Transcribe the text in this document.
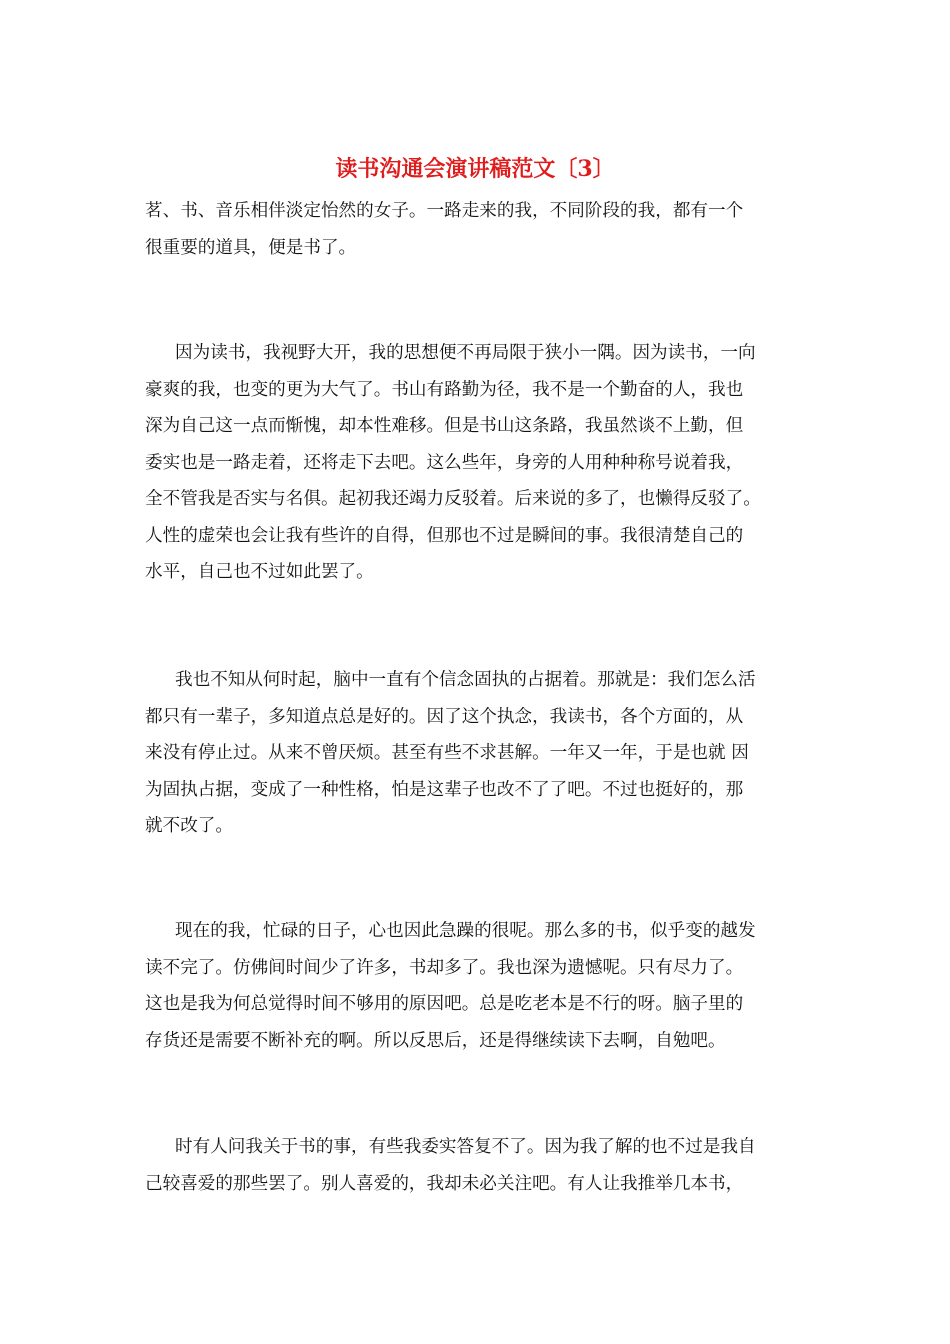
读书沟通会演讲稿范文〔3〕
茗、书、音乐相伴淡定怡然的女子。一路走来的我，不同阶段的我，都有一个
很重要的道具，便是书了。
因为读书，我视野大开，我的思想便不再局限于狭小一隅。因为读书，一向
豪爽的我，也变的更为大气了。书山有路勤为径，我不是一个勤奋的人，我也
深为自己这一点而惭愧，却本性难移。但是书山这条路，我虽然谈不上勤，但
委实也是一路走着，还将走下去吧。这么些年，身旁的人用种种称号说着我，
全不管我是否实与名俱。起初我还竭力反驳着。后来说的多了，也懒得反驳了。
人性的虚荣也会让我有些许的自得，但那也不过是瞬间的事。我很清楚自己的
水平，自己也不过如此罢了。
我也不知从何时起，脑中一直有个信念固执的占据着。那就是：我们怎么活
都只有一辈子，多知道点总是好的。因了这个执念，我读书，各个方面的，从
来没有停止过。从来不曾厌烦。甚至有些不求甚解。一年又一年，于是也就 因
为固执占据，变成了一种性格，怕是这辈子也改不了了吧。不过也挺好的，那
就不改了。
现在的我，忙碌的日子，心也因此急躁的很呢。那么多的书，似乎变的越发
读不完了。仿佛间时间少了许多，书却多了。我也深为遗憾呢。只有尽力了。
这也是我为何总觉得时间不够用的原因吧。总是吃老本是不行的呀。脑子里的
存货还是需要不断补充的啊。所以反思后，还是得继续读下去啊，自勉吧。
时有人问我关于书的事，有些我委实答复不了。因为我了解的也不过是我自
己较喜爱的那些罢了。别人喜爱的，我却未必关注吧。有人让我推举几本书，
